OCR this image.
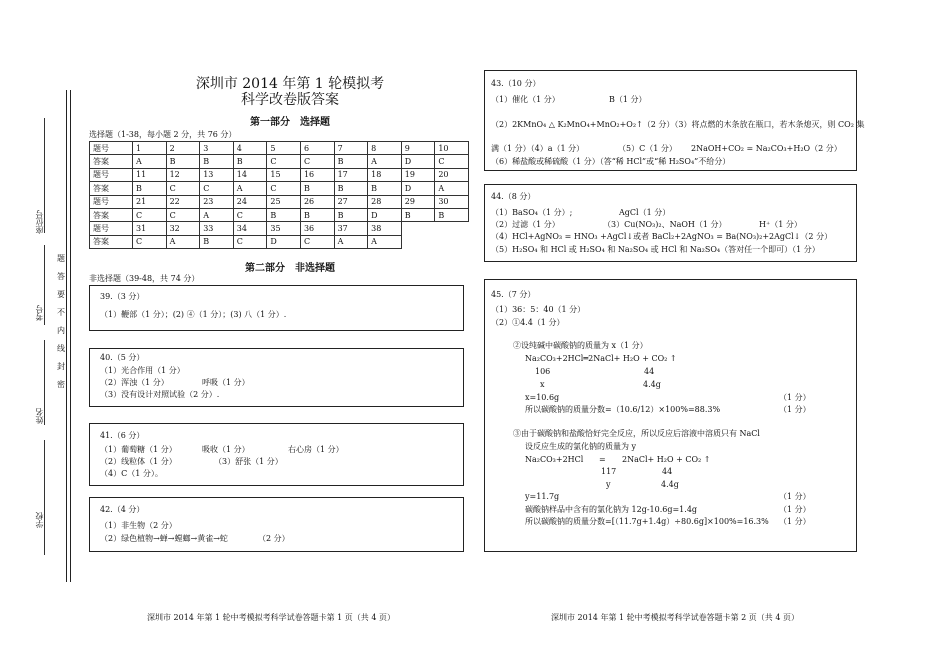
座位号
考号
姓名
学校
题
答
要
不
内
线
封
密
深圳市 2014 年第 1 轮模拟考
科学改卷版答案
第一部分　选择题
选择题（1-38，每小题 2 分，共 76 分）
题号	1	2	3	4	5	6	7	8	9	10
答案	A	B	B	B	C	C	B	A	D	C
题号	11	12	13	14	15	16	17	18	19	20
答案	B	C	C	A	C	B	B	B	D	A
题号	21	22	23	24	25	26	27	28	29	30
答案	C	C	A	C	B	B	B	D	B	B
题号	31	32	33	34	35	36	37	38		
答案	C	A	B	C	D	C	A	A		
第二部分　非选择题
非选择题（39-48，共 74 分）
39.（3 分）
（1）鞭部（1 分）；(2) ④（1 分）；(3) 八（1 分）.
40.（5 分）
（1）光合作用（1 分）
（2）浑浊（1 分）	呼吸（1 分）
（3）没有设计对照试验（2 分）.
41.（6 分）
（1）葡萄糖（1 分）	吸收（1 分）	右心房（1 分）
（2）线粒体（1 分）	（3）舒张（1 分）
（4）C（1 分）。
42.（4 分）
（1）非生物（2 分）
（2）绿色植物→蝉→螳螂→黄雀→蛇	（2 分）
43.（10 分）
（1）催化（1 分）	B（1 分）
（2）2KMnO₄ △ K₂MnO₄+MnO₂+O₂↑（2 分）（3）将点燃的木条放在瓶口，若木条熄灭，则 CO₂ 集
满（1 分）（4）a（1 分）	（5）C（1 分） 2NaOH+CO₂ = Na₂CO₃+H₂O（2 分）
（6）稀盐酸或稀硫酸（1 分）（答“稀 HCl”或“稀 H₂SO₄”不给分）
44.（8 分）
（1）BaSO₄（1 分）;	AgCl（1 分）
（2）过滤（1 分）	（3）Cu(NO₃)₂、NaOH（1 分）	H⁺（1 分）
（4）HCl+AgNO₃ = HNO₃ +AgCl↓或者 BaCl₂+2AgNO₃ = Ba(NO₃)₂+2AgCl↓（2 分）
（5）H₂SO₄ 和 HCl 或 H₂SO₄ 和 Na₂SO₄ 或 HCl 和 Na₂SO₄（答对任一个即可）（1 分）
45.（7 分）
（1）36：5：40（1 分）
（2）①4.4（1 分）
②设纯碱中碳酸钠的质量为 x（1 分）
Na₂CO₃+2HCl═2NaCl+ H₂O + CO₂ ↑
106	44
x	4.4g
x=10.6g	（1 分）
所以碳酸钠的质量分数=（10.6/12）×100%=88.3%	（1 分）
③由于碳酸钠和盐酸恰好完全反应，所以反应后溶液中溶质只有 NaCl
设反应生成的氯化钠的质量为 y
Na₂CO₃+2HCl = 2NaCl+ H₂O + CO₂ ↑
117	44
y	4.4g
y=11.7g	（1 分）
碳酸钠样品中含有的氯化钠为 12g-10.6g=1.4g	（1 分）
所以碳酸钠的质量分数=[（11.7g+1.4g）÷80.6g]×100%=16.3% （1 分）
深圳市 2014 年第 1 轮中考模拟考科学试卷答题卡第 1 页（共 4 页）	深圳市 2014 年第 1 轮中考模拟考科学试卷答题卡第 2 页（共 4 页）
